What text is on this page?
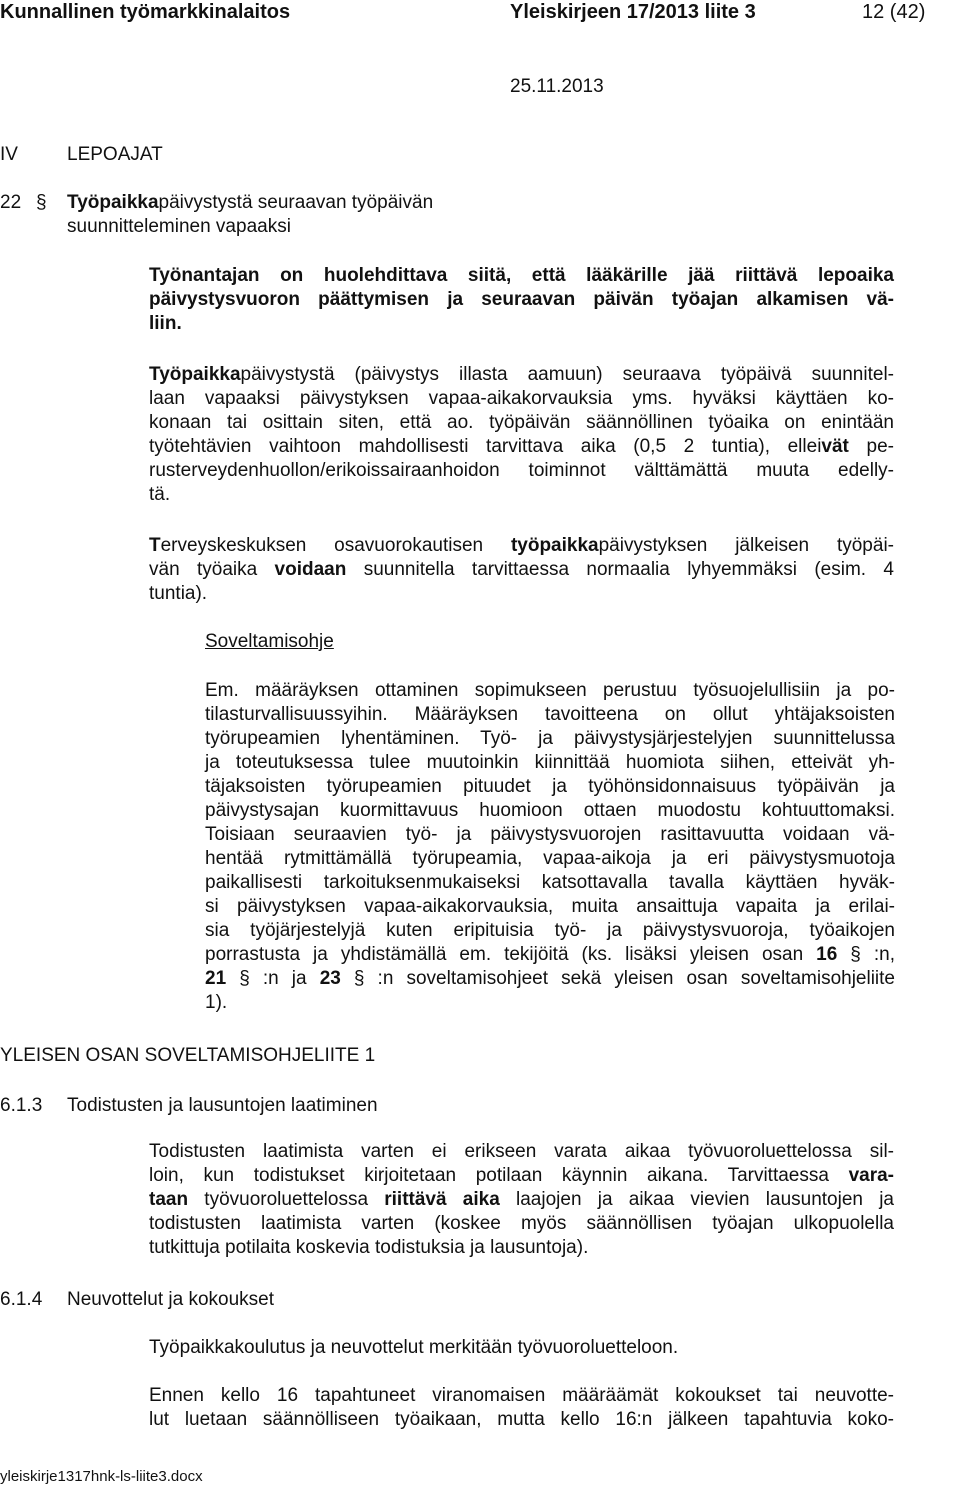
Kunnallinen työmarkkinalaitos	Yleiskirjeen 17/2013 liite 3	12 (42)
25.11.2013
IV	LEPOAJAT
22 § Työpaikkapäivystystä seuraavan työpäivän
suunnitteleminen vapaaksi
Työnantajan on huolehdittava siitä, että lääkärille jää riittävä lepoaika
päivystysvuoron päättymisen ja seuraavan päivän työajan alkamisen vä-
liin.
Työpaikkapäivystystä (päivystys illasta aamuun) seuraava työpäivä suunnitel-
laan vapaaksi päivystyksen vapaa-aikakorvauksia yms. hyväksi käyttäen ko-
konaan tai osittain siten, että ao. työpäivän säännöllinen työaika on enintään
työtehtävien vaihtoon mahdollisesti tarvittava aika (0,5 2 tuntia), elleivät pe-
rusterveydenhuollon/erikoissairaanhoidon toiminnot välttämättä muuta edelly-
tä.
Terveyskeskuksen osavuorokautisen työpaikkapäivystyksen jälkeisen työpäi-
vän työaika voidaan suunnitella tarvittaessa normaalia lyhyemmäksi (esim. 4
tuntia).
Soveltamisohje
Em. määräyksen ottaminen sopimukseen perustuu työsuojelullisiin ja po-
tilasturvallisuussyihin. Määräyksen tavoitteena on ollut yhtäjaksoisten
työrupeamien lyhentäminen. Työ- ja päivystysjärjestelyjen suunnittelussa
ja toteutuksessa tulee muutoinkin kiinnittää huomiota siihen, etteivät yh-
täjaksoisten työrupeamien pituudet ja työhönsidonnaisuus työpäivän ja
päivystysajan kuormittavuus huomioon ottaen muodostu kohtuuttomaksi.
Toisiaan seuraavien työ- ja päivystysvuorojen rasittavuutta voidaan vä-
hentää rytmittämällä työrupeamia, vapaa-aikoja ja eri päivystysmuotoja
paikallisesti tarkoituksenmukaiseksi katsottavalla tavalla käyttäen hyväk-
si päivystyksen vapaa-aikakorvauksia, muita ansaittuja vapaita ja erilai-
sia työjärjestelyjä kuten eripituisia työ- ja päivystysvuoroja, työaikojen
porrastusta ja yhdistämällä em. tekijöitä (ks. lisäksi yleisen osan 16 § :n,
21 § :n ja 23 § :n soveltamisohjeet sekä yleisen osan soveltamisohjeliite
1).
YLEISEN OSAN SOVELTAMISOHJELIITE 1
6.1.3 Todistusten ja lausuntojen laatiminen
Todistusten laatimista varten ei erikseen varata aikaa työvuoroluettelossa sil-
loin, kun todistukset kirjoitetaan potilaan käynnin aikana. Tarvittaessa vara-
taan työvuoroluettelossa riittävä aika laajojen ja aikaa vievien lausuntojen ja
todistusten laatimista varten (koskee myös säännöllisen työajan ulkopuolella
tutkittuja potilaita koskevia todistuksia ja lausuntoja).
6.1.4 Neuvottelut ja kokoukset
Työpaikkakoulutus ja neuvottelut merkitään työvuoroluetteloon.
Ennen kello 16 tapahtuneet viranomaisen määräämät kokoukset tai neuvotte-
lut luetaan säännölliseen työaikaan, mutta kello 16:n jälkeen tapahtuvia koko-
yleiskirje1317hnk-ls-liite3.docx
